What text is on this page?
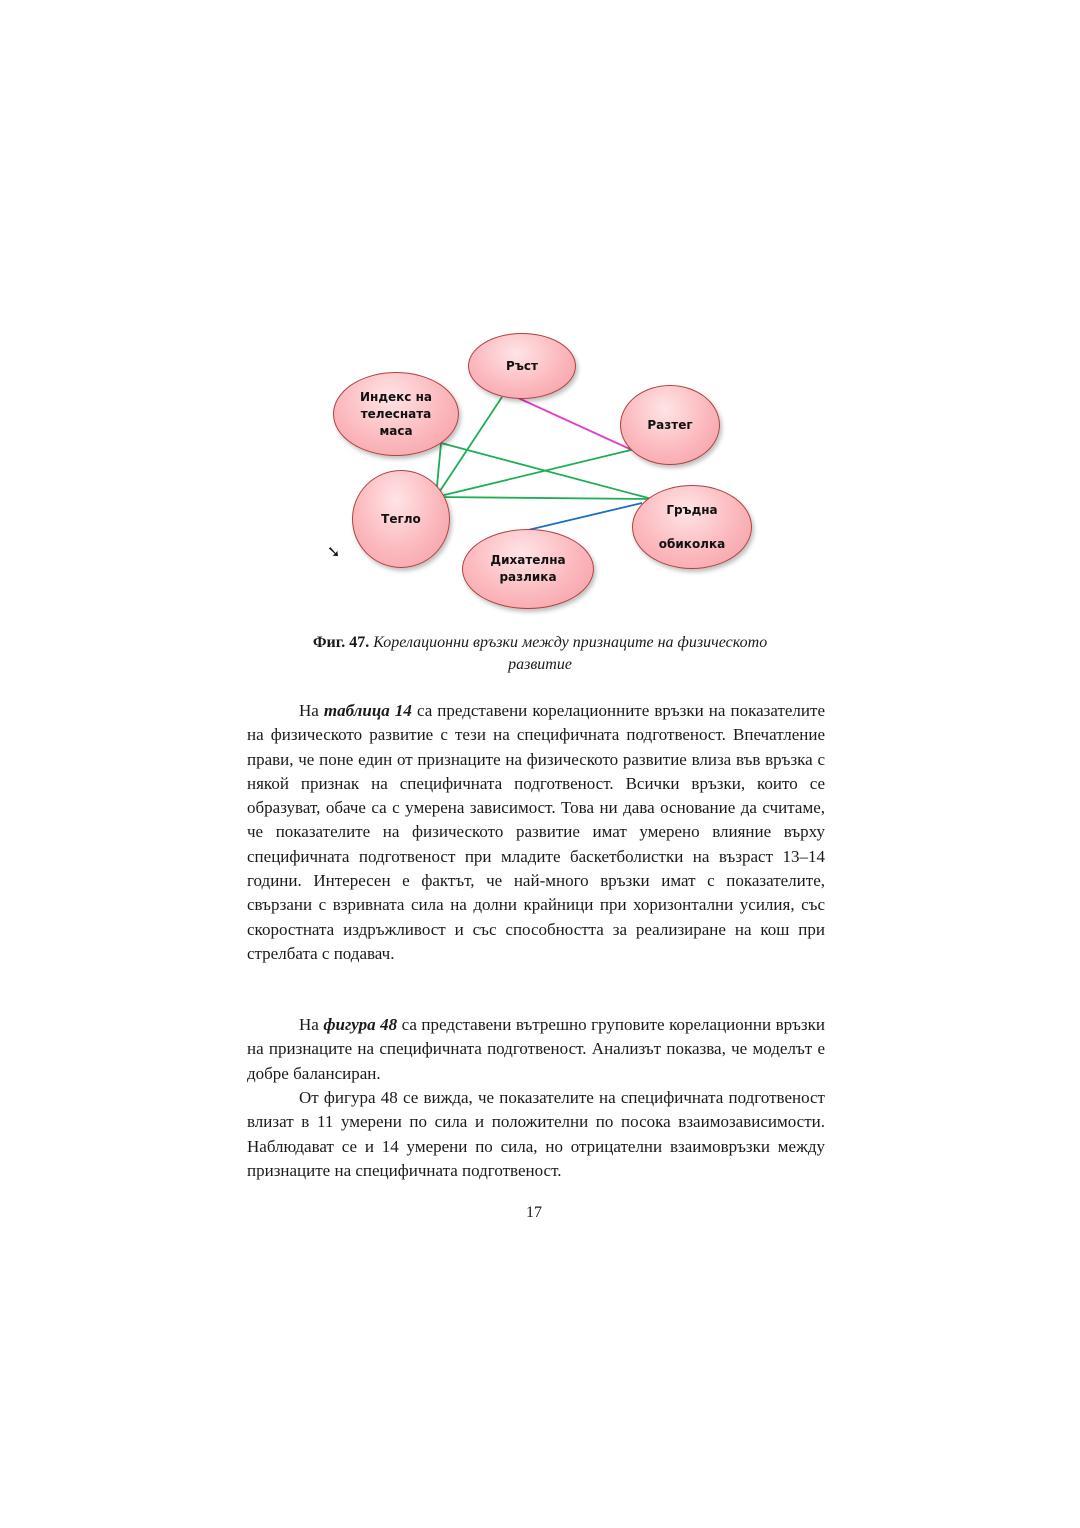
Ръст
Индекс на
телесната
маса	Разтег
Тегло
Гръдна

обиколка
Дихателна
разлика
➘
Фиг. 47. Корелационни връзки между признаците на физическото развитие

На таблица 14 са представени корелационните връзки на показателите на физическото развитие с тези на специфичната подготвеност. Впечатление прави, че поне един от признаците на физическото развитие влиза във връзка с някой признак на специфичната подготвеност. Всички връзки, които се образуват, обаче са с умерена зависимост. Това ни дава основание да считаме, че показателите на физическото развитие имат умерено влияние върху специфичната подготвеност при младите баскетболистки на възраст 13–14 години. Интересен е фактът, че най-много връзки имат с показателите, свързани с взривната сила на долни крайници при хоризонтални усилия, със скоростната издръжливост и със способността за реализиране на кош при стрелбата с подавач.

На фигура 48 са представени вътрешно груповите корелационни връзки на признаците на специфичната подготвеност. Анализът показва, че моделът е добре балансиран.

От фигура 48 се вижда, че показателите на специфичната подготвеност влизат в 11 умерени по сила и положителни по посока взаимозависимости. Наблюдават се и 14 умерени по сила, но отрицателни взаимовръзки между признаците на специфичната подготвеност.

17
